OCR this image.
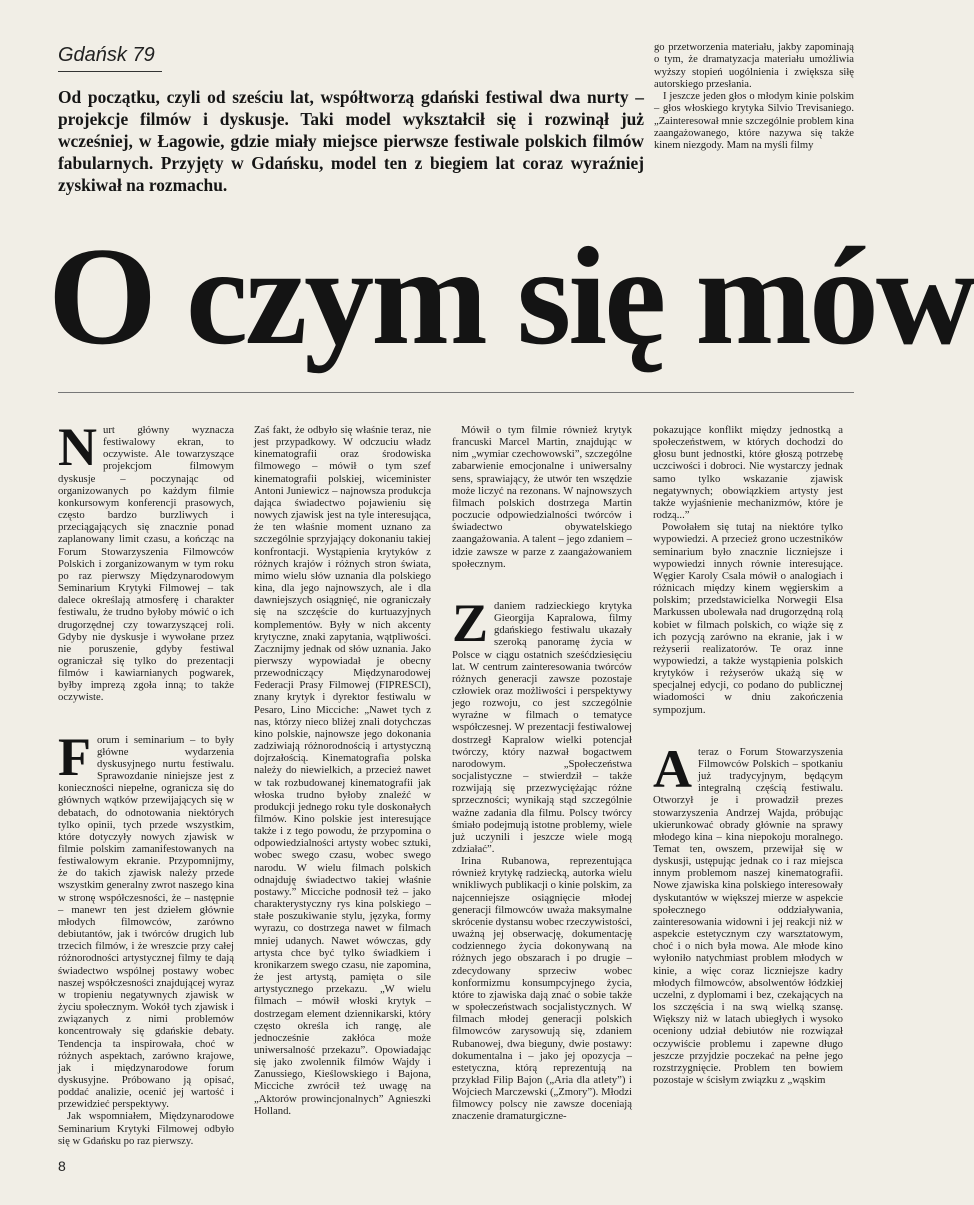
Gdańsk 79
Od początku, czyli od sześciu lat, współtworzą gdański festiwal dwa nurty – projekcje filmów i dyskusje. Taki model wykształcił się i rozwinął już wcześniej, w Łagowie, gdzie miały miejsce pierwsze festiwale polskich filmów fabularnych. Przyjęty w Gdańsku, model ten z biegiem lat coraz wyraźniej zyskiwał na rozmachu.

go przetworzenia materiału, jakby zapominają o tym, że dramatyzacja materiału umożliwia wyższy stopień uogólnienia i zwiększa siłę autorskiego przesłania.

I jeszcze jeden głos o młodym kinie polskim – głos włoskiego krytyka Silvio Trevisaniego. „Zainteresował mnie szczególnie problem kina zaangażowanego, które nazywa się także kinem niezgody. Mam na myśli filmy

O czym się mów

Nurt główny wyznacza festiwalowy ekran, to oczywiste. Ale towarzyszące projekcjom filmowym dyskusje – poczynając od organizowanych po każdym filmie konkursowym konferencji prasowych, często bardzo burzliwych i przeciągających się znacznie ponad zaplanowany limit czasu, a kończąc na Forum Stowarzyszenia Filmowców Polskich i zorganizowanym w tym roku po raz pierwszy Międzynarodowym Seminarium Krytyki Filmowej – tak dalece określają atmosferę i charakter festiwalu, że trudno byłoby mówić o ich drugorzędnej czy towarzyszącej roli. Gdyby nie dyskusje i wywołane przez nie poruszenie, gdyby festiwal ograniczał się tylko do prezentacji filmów i kawiarnianych pogwarek, byłby imprezą zgoła inną; to także oczywiste.

Forum i seminarium – to były główne wydarzenia dyskusyjnego nurtu festiwalu. Sprawozdanie niniejsze jest z konieczności niepełne, ogranicza się do głównych wątków przewijających się w debatach, do odnotowania niektórych tylko opinii, tych przede wszystkim, które dotyczyły nowych zjawisk w filmie polskim zamanifestowanych na festiwalowym ekranie. Przypomnijmy, że do takich zjawisk należy przede wszystkim generalny zwrot naszego kina w stronę współczesności, że – następnie – manewr ten jest dziełem głównie młodych filmowców, zarówno debiutantów, jak i twórców drugich lub trzecich filmów, i że wreszcie przy całej różnorodności artystycznej filmy te dają świadectwo wspólnej postawy wobec naszej współczesności znajdującej wyraz w tropieniu negatywnych zjawisk w życiu społecznym. Wokół tych zjawisk i związanych z nimi problemów koncentrowały się gdańskie debaty. Tendencja ta inspirowała, choć w różnych aspektach, zarówno krajowe, jak i międzynarodowe forum dyskusyjne. Próbowano ją opisać, poddać analizie, ocenić jej wartość i przewidzieć perspektywy.

Jak wspomniałem, Międzynarodowe Seminarium Krytyki Filmowej odbyło się w Gdańsku po raz pierwszy.

Zaś fakt, że odbyło się właśnie teraz, nie jest przypadkowy. W odczuciu władz kinematografii oraz środowiska filmowego – mówił o tym szef kinematografii polskiej, wiceminister Antoni Juniewicz – najnowsza produkcja dająca świadectwo pojawieniu się nowych zjawisk jest na tyle interesująca, że ten właśnie moment uznano za szczególnie sprzyjający dokonaniu takiej konfrontacji. Wystąpienia krytyków z różnych krajów i różnych stron świata, mimo wielu słów uznania dla polskiego kina, dla jego najnowszych, ale i dla dawniejszych osiągnięć, nie ograniczały się na szczęście do kurtuazyjnych komplementów. Były w nich akcenty krytyczne, znaki zapytania, wątpliwości. Zacznijmy jednak od słów uznania. Jako pierwszy wypowiadał je obecny przewodniczący Międzynarodowej Federacji Prasy Filmowej (FIPRESCI), znany krytyk i dyrektor festiwalu w Pesaro, Lino Micciche: „Nawet tych z nas, którzy nieco bliżej znali dotychczas kino polskie, najnowsze jego dokonania zadziwiają różnorodnością i artystyczną dojrzałością. Kinematografia polska należy do niewielkich, a przecież nawet w tak rozbudowanej kinematografii jak włoska trudno byłoby znaleźć w produkcji jednego roku tyle doskonałych filmów. Kino polskie jest interesujące także i z tego powodu, że przypomina o odpowiedzialności artysty wobec sztuki, wobec swego czasu, wobec swego narodu. W wielu filmach polskich odnajduję świadectwo takiej właśnie postawy.” Micciche podnosił też – jako charakterystyczny rys kina polskiego – stałe poszukiwanie stylu, języka, formy wyrazu, co dostrzega nawet w filmach mniej udanych. Nawet wówczas, gdy artysta chce być tylko świadkiem i kronikarzem swego czasu, nie zapomina, że jest artystą, pamięta o sile artystycznego przekazu. „W wielu filmach – mówił włoski krytyk – dostrzegam element dziennikarski, który często określa ich rangę, ale jednocześnie zakłóca może uniwersalność przekazu”. Opowiadając się jako zwolennik filmów Wajdy i Zanussiego, Kieślowskiego i Bajona, Micciche zwrócił też uwagę na „Aktorów prowincjonalnych” Agnieszki Holland.

Mówił o tym filmie również krytyk francuski Marcel Martin, znajdując w nim „wymiar czechowowski”, szczególne zabarwienie emocjonalne i uniwersalny sens, sprawiający, że utwór ten wszędzie może liczyć na rezonans. W najnowszych filmach polskich dostrzega Martin poczucie odpowiedzialności twórców i świadectwo obywatelskiego zaangażowania. A talent – jego zdaniem – idzie zawsze w parze z zaangażowaniem społecznym.

Zdaniem radzieckiego krytyka Gieorgija Kapralowa, filmy gdańskiego festiwalu ukazały szeroką panoramę życia w Polsce w ciągu ostatnich sześćdziesięciu lat. W centrum zainteresowania twórców różnych generacji zawsze pozostaje człowiek oraz możliwości i perspektywy jego rozwoju, co jest szczególnie wyraźne w filmach o tematyce współczesnej. W prezentacji festiwalowej dostrzegł Kapralow wielki potencjał twórczy, który nazwał bogactwem narodowym. „Społeczeństwa socjalistyczne – stwierdził – także rozwijają się przezwyciężając różne sprzeczności; wynikają stąd szczególnie ważne zadania dla filmu. Polscy twórcy śmiało podejmują istotne problemy, wiele już uczynili i jeszcze wiele mogą zdziałać”.

Irina Rubanowa, reprezentująca również krytykę radziecką, autorka wielu wnikliwych publikacji o kinie polskim, za najcenniejsze osiągnięcie młodej generacji filmowców uważa maksymalne skrócenie dystansu wobec rzeczywistości, uważną jej obserwację, dokumentację codziennego życia dokonywaną na różnych jego obszarach i po drugie – zdecydowany sprzeciw wobec konformizmu konsumpcyjnego życia, które to zjawiska dają znać o sobie także w społeczeństwach socjalistycznych. W filmach młodej generacji polskich filmowców zarysowują się, zdaniem Rubanowej, dwa bieguny, dwie postawy: dokumentalna i – jako jej opozycja – estetyczna, którą reprezentują na przykład Filip Bajon („Aria dla atlety”) i Wojciech Marczewski („Zmory”). Młodzi filmowcy polscy nie zawsze doceniają znaczenie dramaturgiczne-

pokazujące konflikt między jednostką a społeczeństwem, w których dochodzi do głosu bunt jednostki, które głoszą potrzebę uczciwości i dobroci. Nie wystarczy jednak samo tylko wskazanie zjawisk negatywnych; obowiązkiem artysty jest także wyjaśnienie mechanizmów, które je rodzą...”

Powołałem się tutaj na niektóre tylko wypowiedzi. A przecież grono uczestników seminarium było znacznie liczniejsze i wypowiedzi innych równie interesujące. Węgier Karoly Csala mówił o analogiach i różnicach między kinem węgierskim a polskim; przedstawicielka Norwegii Elsa Markussen ubolewała nad drugorzędną rolą kobiet w filmach polskich, co wiąże się z ich pozycją zarówno na ekranie, jak i w reżyserii realizatorów. Te oraz inne wypowiedzi, a także wystąpienia polskich krytyków i reżyserów ukażą się w specjalnej edycji, co podano do publicznej wiadomości w dniu zakończenia sympozjum.

Ateraz o Forum Stowarzyszenia Filmowców Polskich – spotkaniu już tradycyjnym, będącym integralną częścią festiwalu. Otworzył je i prowadził prezes stowarzyszenia Andrzej Wajda, próbując ukierunkować obrady głównie na sprawy młodego kina – kina niepokoju moralnego. Temat ten, owszem, przewijał się w dyskusji, ustępując jednak co i raz miejsca innym problemom naszej kinematografii. Nowe zjawiska kina polskiego interesowały dyskutantów w większej mierze w aspekcie społecznego oddziaływania, zainteresowania widowni i jej reakcji niż w aspekcie estetycznym czy warsztatowym, choć i o nich była mowa. Ale młode kino wyłoniło natychmiast problem młodych w kinie, a więc coraz liczniejsze kadry młodych filmowców, absolwentów łódzkiej uczelni, z dyplomami i bez, czekających na los szczęścia i na swą wielką szansę. Większy niż w latach ubiegłych i wysoko oceniony udział debiutów nie rozwiązał oczywiście problemu i zapewne długo jeszcze przyjdzie poczekać na pełne jego rozstrzygnięcie. Problem ten bowiem pozostaje w ścisłym związku z „wąskim

8
